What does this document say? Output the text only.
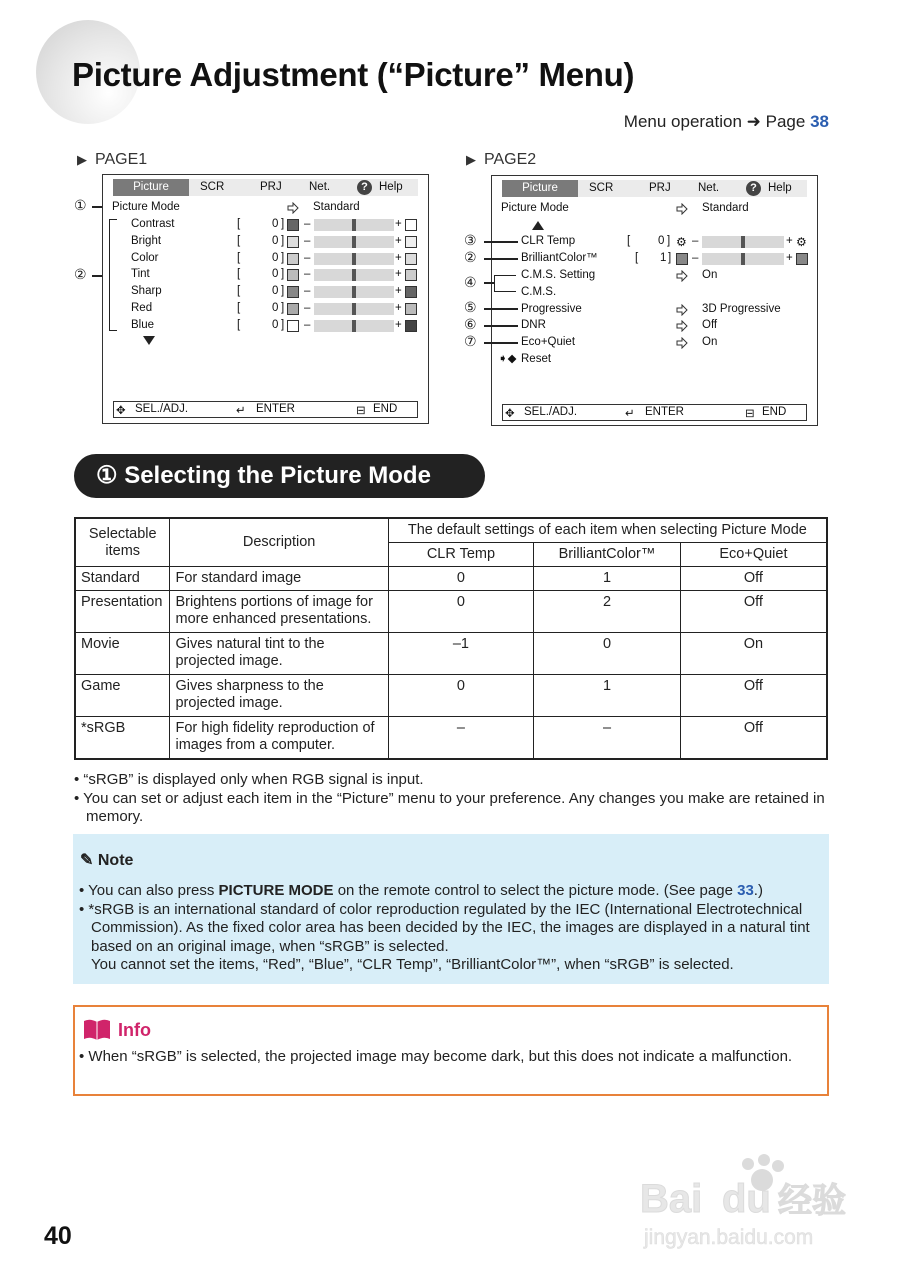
Picture Adjustment (“Picture” Menu)
Menu operation ➜ Page 38
▶ PAGE1
①
②
Picture	SCR	PRJ Net.	? Help
Picture Mode	Standard
Contrast	[	0 ] –	+
Bright	[	0 ] –	+
Color	[	0 ] –	+
Tint	[	0 ] –	+
Sharp	[	0 ] –	+
Red	[	0 ] –	+
Blue	[	0 ] –	+
✥ SEL./ADJ.	↵ ENTER	⊟ END
▶ PAGE2
③
②
④
⑤
⑥
⑦
Picture	SCR	PRJ Net.	? Help
Picture Mode	Standard
CLR Temp	[ 0 ] ⚙ –	+ ⚙
BrilliantColor™	[ 1 ] –	+
C.M.S. Setting	On
C.M.S.
Progressive	3D Progressive
DNR	Off
Eco+Quiet	On
➧◆ Reset
✥ SEL./ADJ.	↵ ENTER	⊟ END
① Selecting the Picture Mode
Selectable items	Description	The default settings of each item when selecting Picture Mode		
		CLR Temp	BrilliantColor™	Eco+Quiet
Standard	For standard image	0	1	Off
Presentation	Brightens portions of image for more enhanced presentations.	0	2	Off
Movie	Gives natural tint to the projected image.	–1	0	On
Game	Gives sharpness to the projected image.	0	1	Off
*sRGB	For high fidelity reproduction of images from a computer.	–	–	Off

• “sRGB” is displayed only when RGB signal is input.

• You can set or adjust each item in the “Picture” menu to your preference. Any changes you make are retained in memory.

✎ Note

• You can also press PICTURE MODE on the remote control to select the picture mode. (See page 33.)

• *sRGB is an international standard of color reproduction regulated by the IEC (International Electrotechnical Commission). As the fixed color area has been decided by the IEC, the images are displayed in a natural tint based on an original image, when “sRGB” is selected.

You cannot set the items, “Red”, “Blue”, “CLR Temp”, “BrilliantColor™”, when “sRGB” is selected.

Info

• When “sRGB” is selected, the projected image may become dark, but this does not indicate a malfunction.

40
Bai du 经验
jingyan.baidu.com
